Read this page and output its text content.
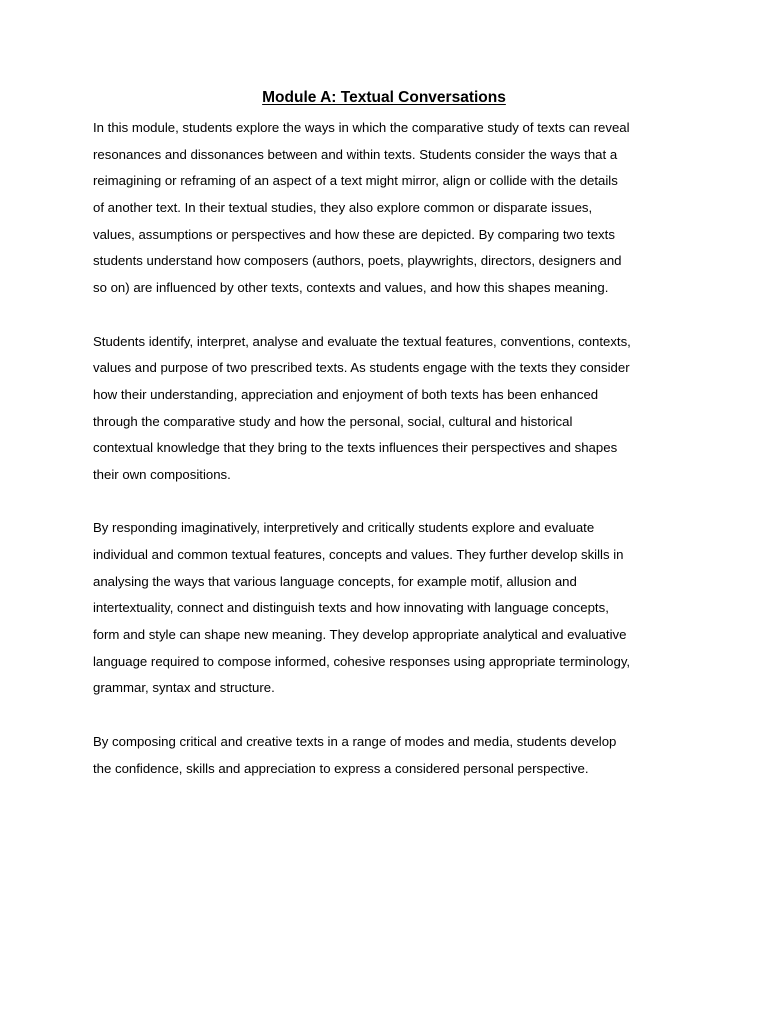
Module A: Textual Conversations
In this module, students explore the ways in which the comparative study of texts can reveal
resonances and dissonances between and within texts. Students consider the ways that a
reimagining or reframing of an aspect of a text might mirror, align or collide with the details
of another text. In their textual studies, they also explore common or disparate issues,
values, assumptions or perspectives and how these are depicted. By comparing two texts
students understand how composers (authors, poets, playwrights, directors, designers and
so on) are influenced by other texts, contexts and values, and how this shapes meaning.
Students identify, interpret, analyse and evaluate the textual features, conventions, contexts,
values and purpose of two prescribed texts. As students engage with the texts they consider
how their understanding, appreciation and enjoyment of both texts has been enhanced
through the comparative study and how the personal, social, cultural and historical
contextual knowledge that they bring to the texts influences their perspectives and shapes
their own compositions.
By responding imaginatively, interpretively and critically students explore and evaluate
individual and common textual features, concepts and values. They further develop skills in
analysing the ways that various language concepts, for example motif, allusion and
intertextuality, connect and distinguish texts and how innovating with language concepts,
form and style can shape new meaning. They develop appropriate analytical and evaluative
language required to compose informed, cohesive responses using appropriate terminology,
grammar, syntax and structure.
By composing critical and creative texts in a range of modes and media, students develop
the confidence, skills and appreciation to express a considered personal perspective.
